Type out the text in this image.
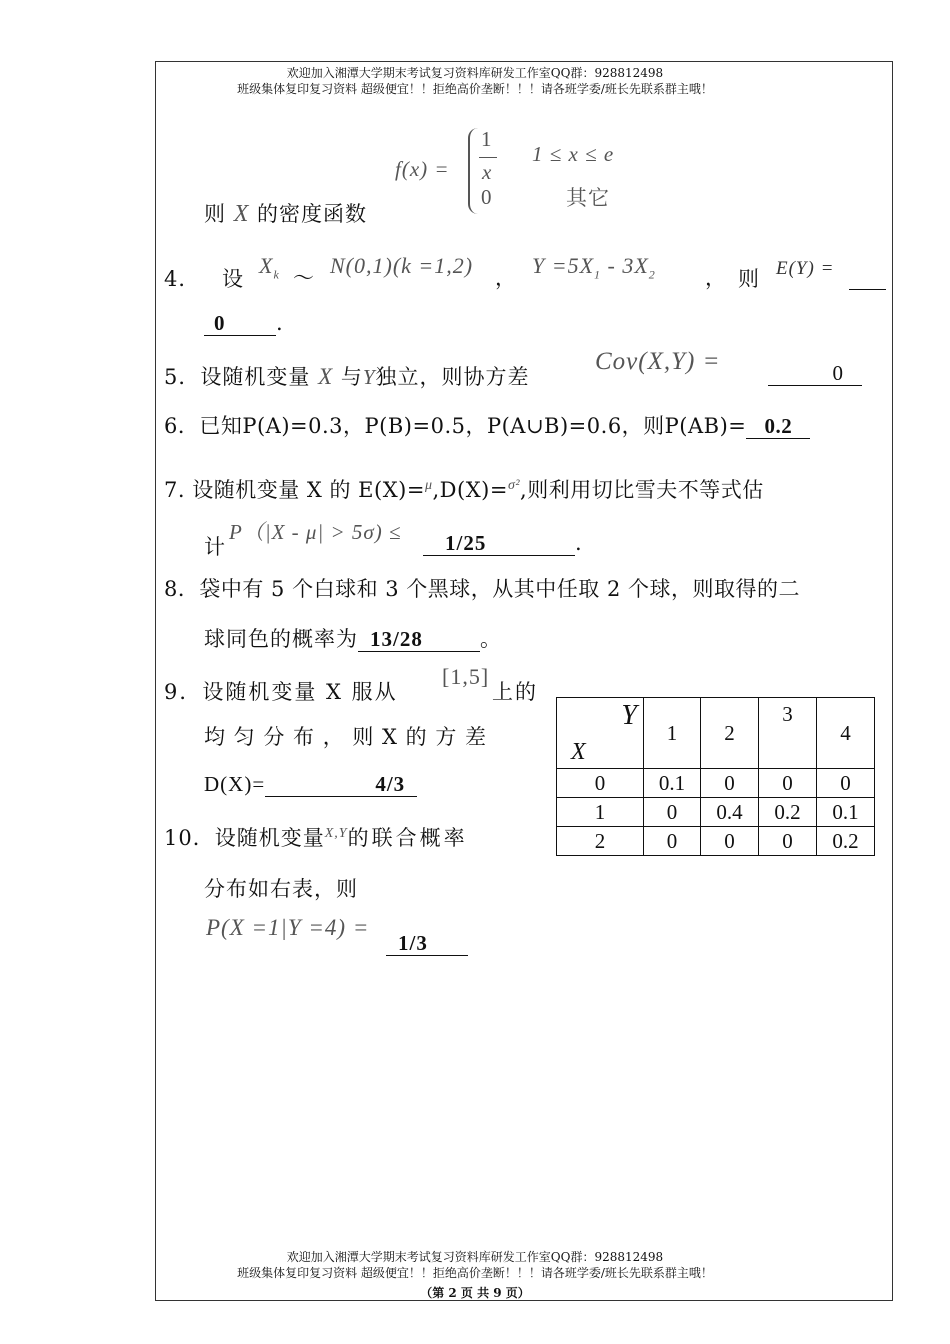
欢迎加入湘潭大学期末考试复习资料库研发工作室QQ群：928812498
班级集体复印复习资料 超级便宜！！拒绝高价垄断！！！请各班学委/班长先联系群主哦！
f(x) =
1
x
0
1 ≤ x ≤ e
其它
则 X 的密度函数
4． 设
$X_k$ ～ N(0,1)(k =1,2) ， $Y =5X_1 - 3X_2$ ， 则 E(Y) =
0 .
5．设随机变量 X 与Y独立，则协方差
Cov(X,Y) =	0
6．已知P(A)=0.3，P(B)=0.5，P(A∪B)=0.6，则P(AB)= 0.2
7. 设随机变量 X 的 E(X)=$^\mu$,D(X)=$^{\sigma^2}$,则利用切比雪夫不等式估
计
P（|X - μ| > 5σ) ≤	1/25	.
8．袋中有 5 个白球和 3 个黑球，从其中任取 2 个球，则取得的二
球同色的概率为 13/28	。
9．设随机变量 X 服从
[1,5]
上的
均 匀 分 布 ， 则 X 的 方 差
D(X)=	4/3
10．设随机变量$^{X,Y}$的联合概率
分布如右表，则
P(X =1|Y =4) =
1/3
Y
X	1	2	3	4
0	0.1	0	0	0
1	0	0.4	0.2	0.1
2	0	0	0	0.2
欢迎加入湘潭大学期末考试复习资料库研发工作室QQ群：928812498
班级集体复印复习资料 超级便宜！！拒绝高价垄断！！！请各班学委/班长先联系群主哦！
（第 2 页 共 9 页）
